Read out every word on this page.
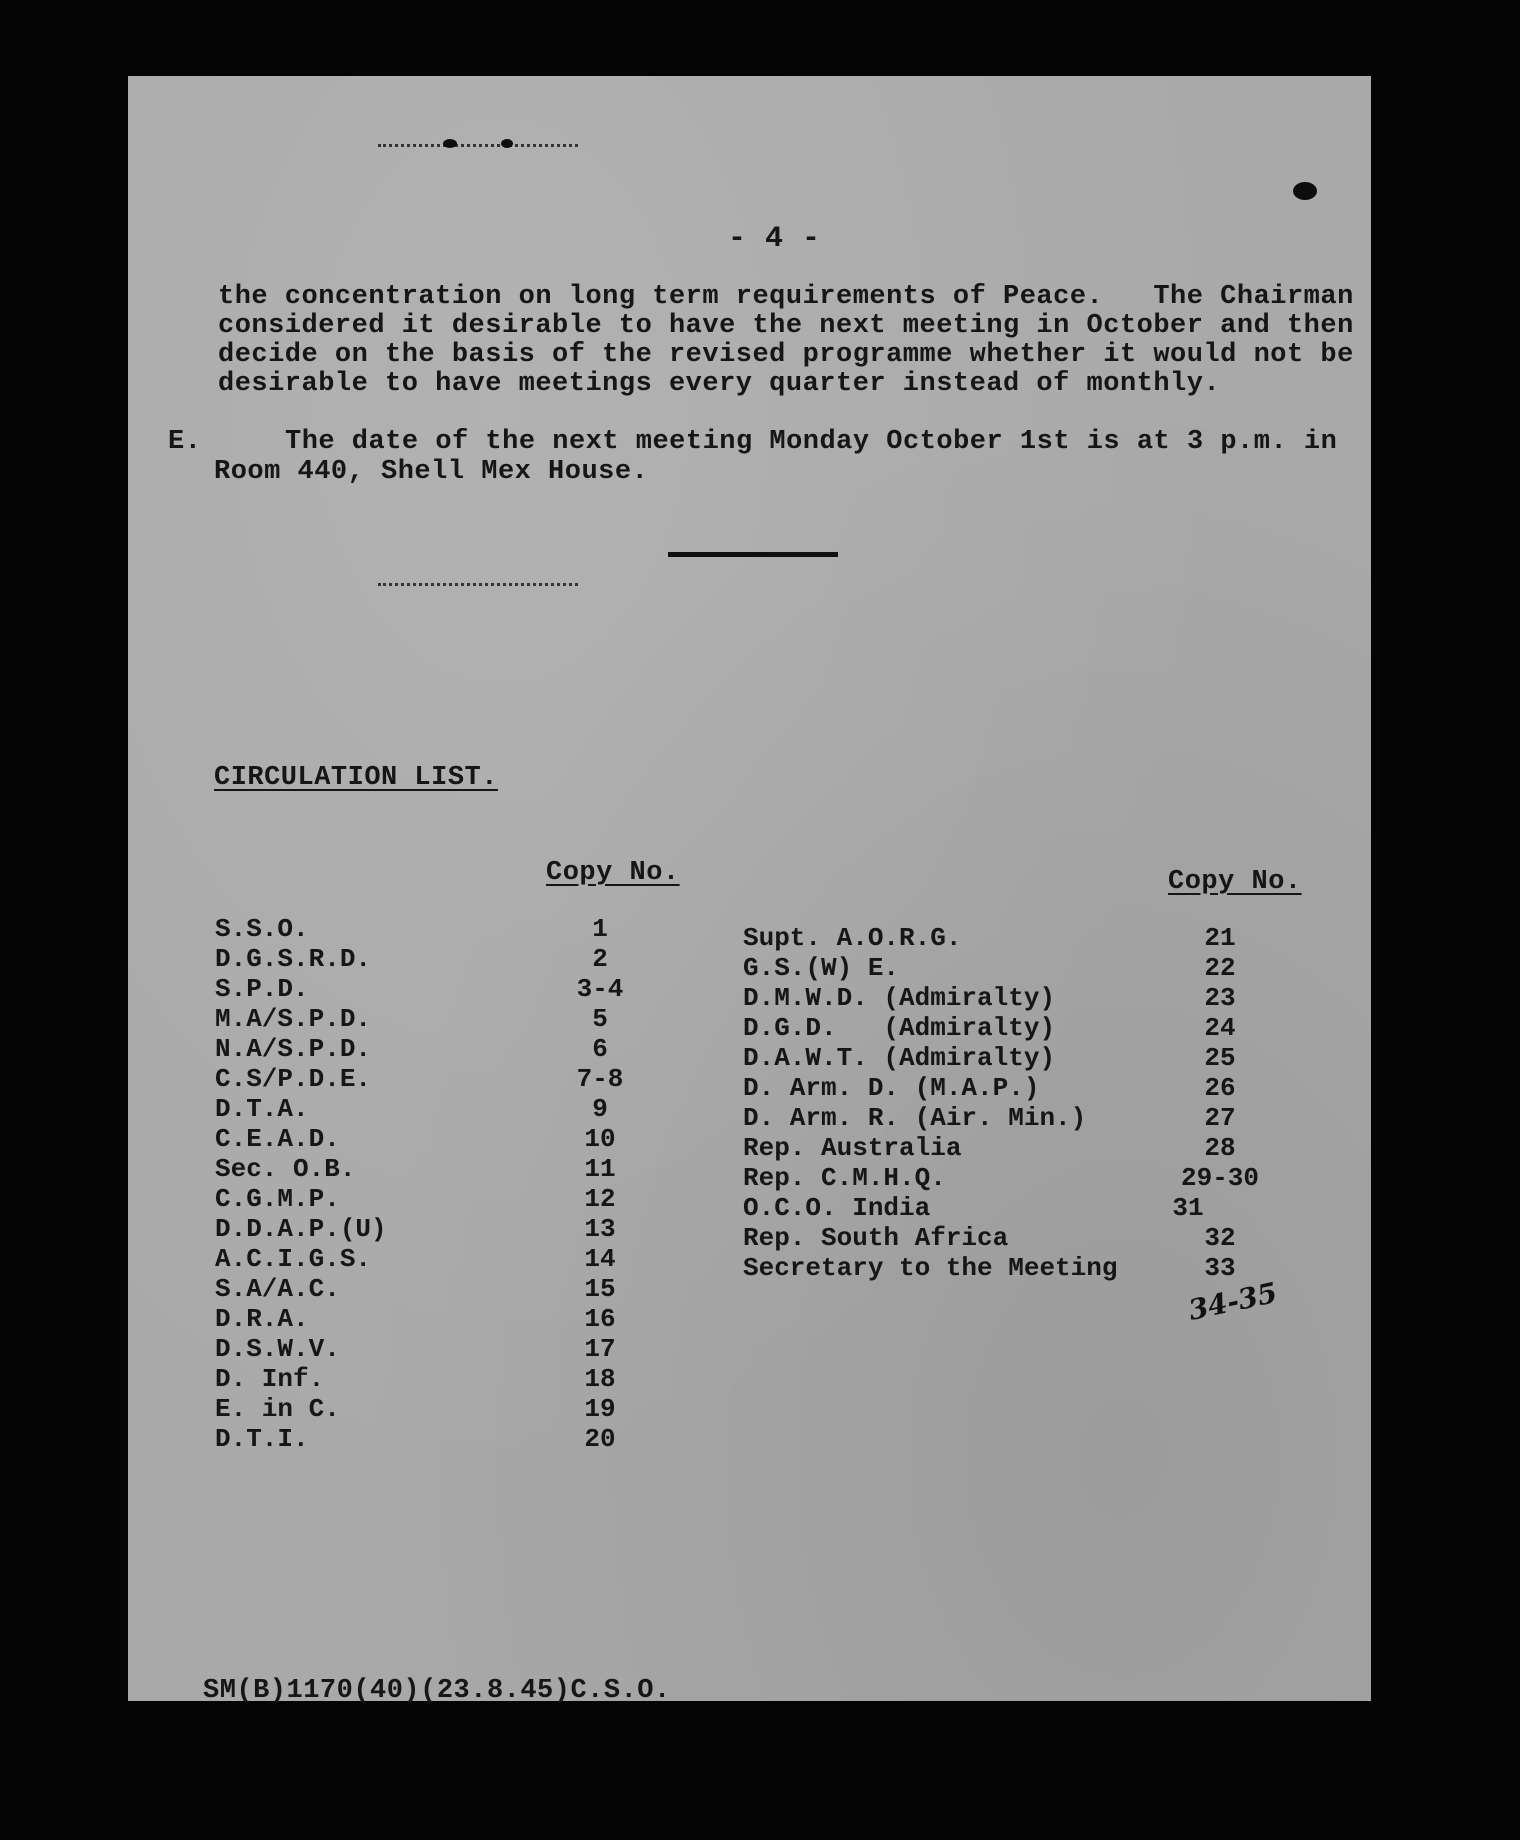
- 4 -
the concentration on long term requirements of Peace.   The Chairman
considered it desirable to have the next meeting in October and then
decide on the basis of the revised programme whether it would not be
desirable to have meetings every quarter instead of monthly.
E.	The date of the next meeting Monday October 1st is at 3 p.m. in
Room 440, Shell Mex House.
CIRCULATION LIST.
Copy No.	Copy No.
S.S.O.	1
D.G.S.R.D.	2
S.P.D.	3-4
M.A/S.P.D.	5
N.A/S.P.D.	6
C.S/P.D.E.	7-8
D.T.A.	9
C.E.A.D.	10
Sec. O.B.	11
C.G.M.P.	12
D.D.A.P.(U)	13
A.C.I.G.S.	14
S.A/A.C.	15
D.R.A.	16
D.S.W.V.	17
D. Inf.	18
E. in C.	19
D.T.I.	20
Supt. A.O.R.G.	21
G.S.(W) E.	22
D.M.W.D. (Admiralty)	23
D.G.D.   (Admiralty)	24
D.A.W.T. (Admiralty)	25
D. Arm. D. (M.A.P.)	26
D. Arm. R. (Air. Min.)	27
Rep. Australia	28
Rep. C.M.H.Q.	29-30
O.C.O. India	31
Rep. South Africa	32
Secretary to the Meeting	33
34-35
SM(B)1170(40)(23.8.45)C.S.O.
